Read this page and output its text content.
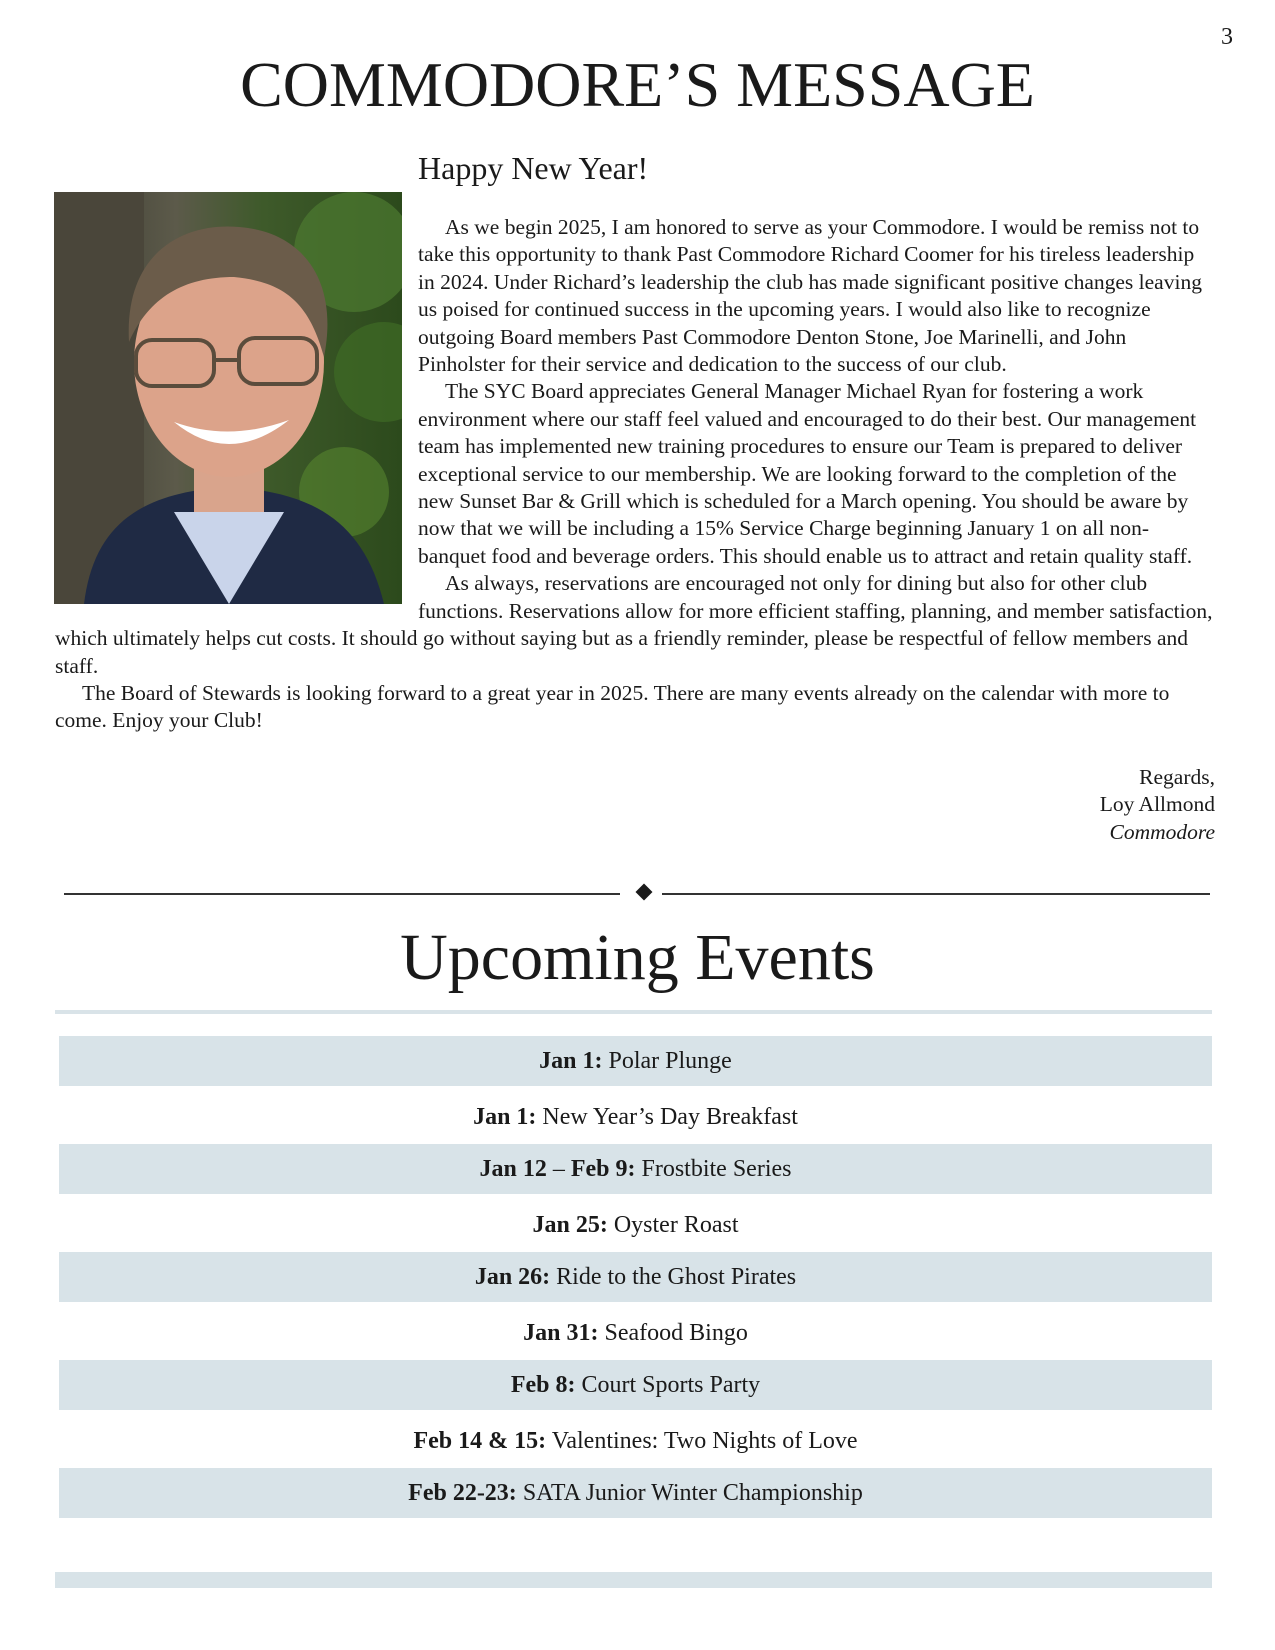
3
COMMODORE’S MESSAGE
Happy New Year!

As we begin 2025, I am honored to serve as your Commodore. I would be remiss not to take this opportunity to thank Past Commodore Richard Coomer for his tireless leadership in 2024. Under Richard’s leadership the club has made significant positive changes leaving us poised for continued success in the upcoming years. I would also like to recognize outgoing Board members Past Commodore Denton Stone, Joe Marinelli, and John Pinholster for their service and dedication to the success of our club.

The SYC Board appreciates General Manager Michael Ryan for fostering a work environment where our staff feel valued and encouraged to do their best. Our management team has implemented new training procedures to ensure our Team is prepared to deliver exceptional service to our membership. We are looking forward to the completion of the new Sunset Bar & Grill which is scheduled for a March opening. You should be aware by now that we will be including a 15% Service Charge beginning January 1 on all non-banquet food and beverage orders. This should enable us to attract and retain quality staff.

As always, reservations are encouraged not only for dining but also for other club functions. Reservations allow for more efficient staffing, planning, and member satisfaction, which ultimately helps cut costs. It should go without saying but as a friendly reminder, please be respectful of fellow members and staff.

The Board of Stewards is looking forward to a great year in 2025. There are many events already on the calendar with more to come. Enjoy your Club!

Regards,
Loy Allmond
Commodore
Upcoming Events
Jan 1: Polar Plunge
Jan 1: New Year’s Day Breakfast
Jan 12 – Feb 9: Frostbite Series
Jan 25: Oyster Roast
Jan 26: Ride to the Ghost Pirates
Jan 31: Seafood Bingo
Feb 8: Court Sports Party
Feb 14 & 15: Valentines: Two Nights of Love
Feb 22-23: SATA Junior Winter Championship
